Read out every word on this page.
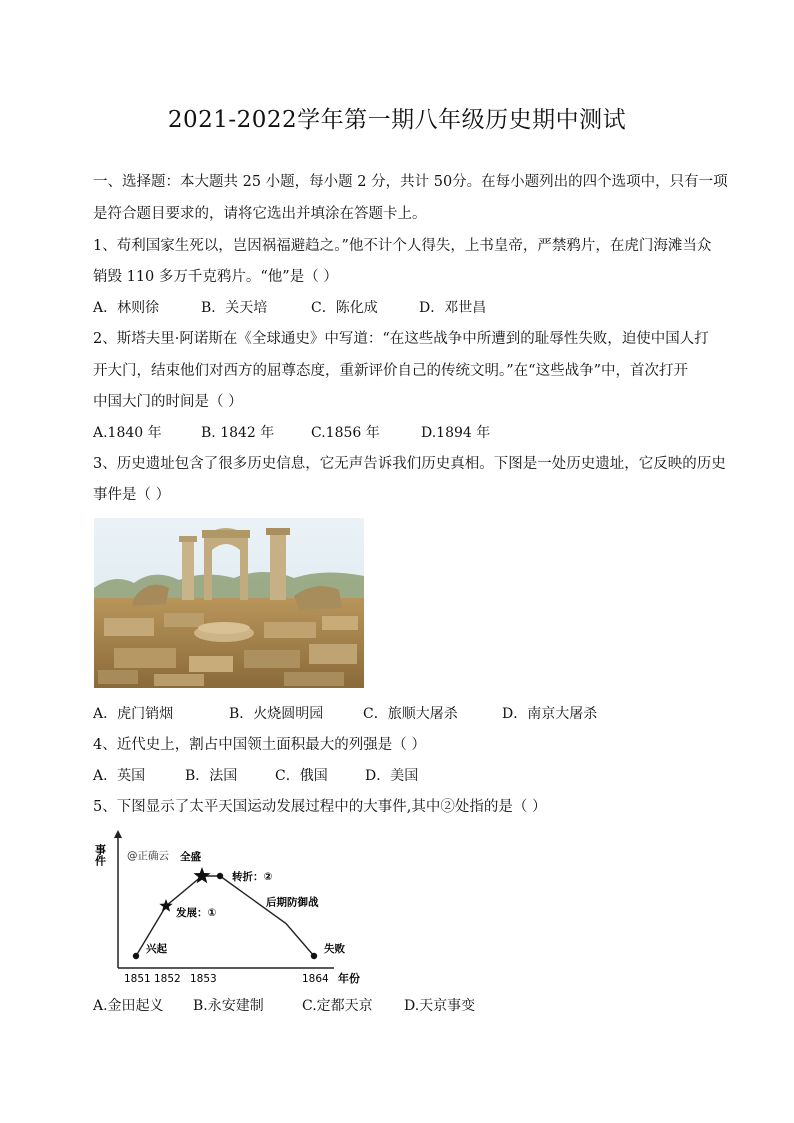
2021-2022学年第一期八年级历史期中测试
一、选择题：本大题共 25 小题，每小题 2 分，共计 50分。在每小题列出的四个选项中，只有一项
是符合题目要求的，请将它选出并填涂在答题卡上。
1、苟利国家生死以，岂因祸福避趋之。”他不计个人得失，上书皇帝，严禁鸦片，在虎门海滩当众
销毁 110 多万千克鸦片。“他”是（ ）
A．林则徐	B．关天培	C．陈化成	D．邓世昌
2、斯塔夫里·阿诺斯在《全球通史》中写道：“在这些战争中所遭到的耻辱性失败，迫使中国人打
开大门，结束他们对西方的屈尊态度，重新评价自己的传统文明。”在“这些战争”中，首次打开
中国大门的时间是（ ）
A.1840 年	B. 1842 年	C.1856 年	D.1894 年
3、历史遗址包含了很多历史信息，它无声告诉我们历史真相。下图是一处历史遗址，它反映的历史
事件是（ ）
A．虎门销烟	B．火烧圆明园	C．旅顺大屠杀	D．南京大屠杀
4、近代史上，割占中国领土面积最大的列强是（ ）
A．英国	B．法国	C．俄国	D．美国
5、下图显示了太平天国运动发展过程中的大事件,其中②处指的是（ ）
事件
年份
@正确云
1851 1852 1853	1864
兴起
发展：①
全盛
转折：②
后期防御战
失败
A.金田起义 B.永安建制	C.定都天京 D.天京事变
